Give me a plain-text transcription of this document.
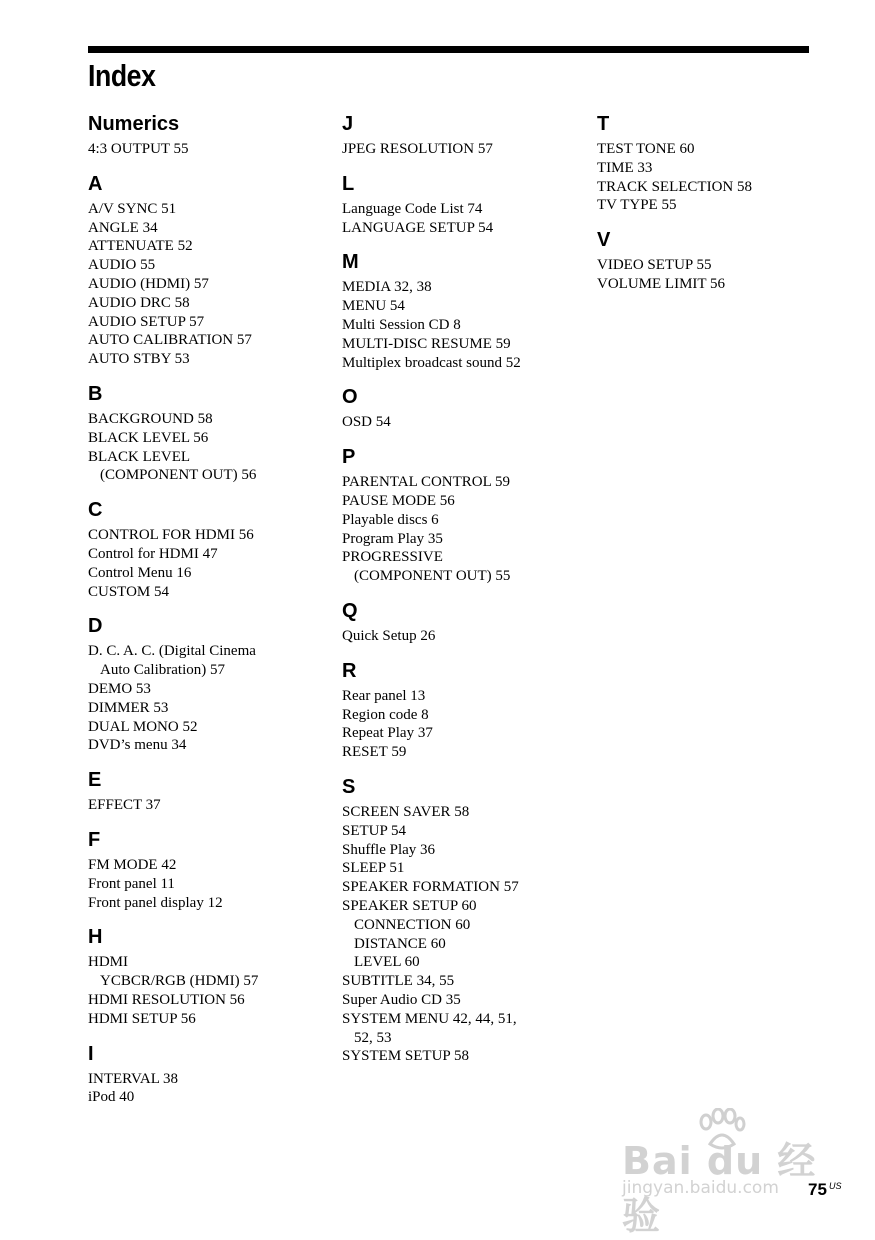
Index
Numerics
4:3 OUTPUT 55
A
A/V SYNC 51
ANGLE 34
ATTENUATE 52
AUDIO 55
AUDIO (HDMI) 57
AUDIO DRC 58
AUDIO SETUP 57
AUTO CALIBRATION 57
AUTO STBY 53
B
BACKGROUND 58
BLACK LEVEL 56
BLACK LEVEL
(COMPONENT OUT) 56
C
CONTROL FOR HDMI 56
Control for HDMI 47
Control Menu 16
CUSTOM 54
D
D. C. A. C. (Digital Cinema
Auto Calibration) 57
DEMO 53
DIMMER 53
DUAL MONO 52
DVD’s menu 34
E
EFFECT 37
F
FM MODE 42
Front panel 11
Front panel display 12
H
HDMI
YCBCR/RGB (HDMI) 57
HDMI RESOLUTION 56
HDMI SETUP 56
I
INTERVAL 38
iPod 40
J
JPEG RESOLUTION 57
L
Language Code List 74
LANGUAGE SETUP 54
M
MEDIA 32, 38
MENU 54
Multi Session CD 8
MULTI-DISC RESUME 59
Multiplex broadcast sound 52
O
OSD 54
P
PARENTAL CONTROL 59
PAUSE MODE 56
Playable discs 6
Program Play 35
PROGRESSIVE
(COMPONENT OUT) 55
Q
Quick Setup 26
R
Rear panel 13
Region code 8
Repeat Play 37
RESET 59
S
SCREEN SAVER 58
SETUP 54
Shuffle Play 36
SLEEP 51
SPEAKER FORMATION 57
SPEAKER SETUP 60
CONNECTION 60
DISTANCE 60
LEVEL 60
SUBTITLE 34, 55
Super Audio CD 35
SYSTEM MENU 42, 44, 51,
52, 53
SYSTEM SETUP 58
T
TEST TONE 60
TIME 33
TRACK SELECTION 58
TV TYPE 55
V
VIDEO SETUP 55
VOLUME LIMIT 56
Bai du 经验
jingyan.baidu.com 75 US
